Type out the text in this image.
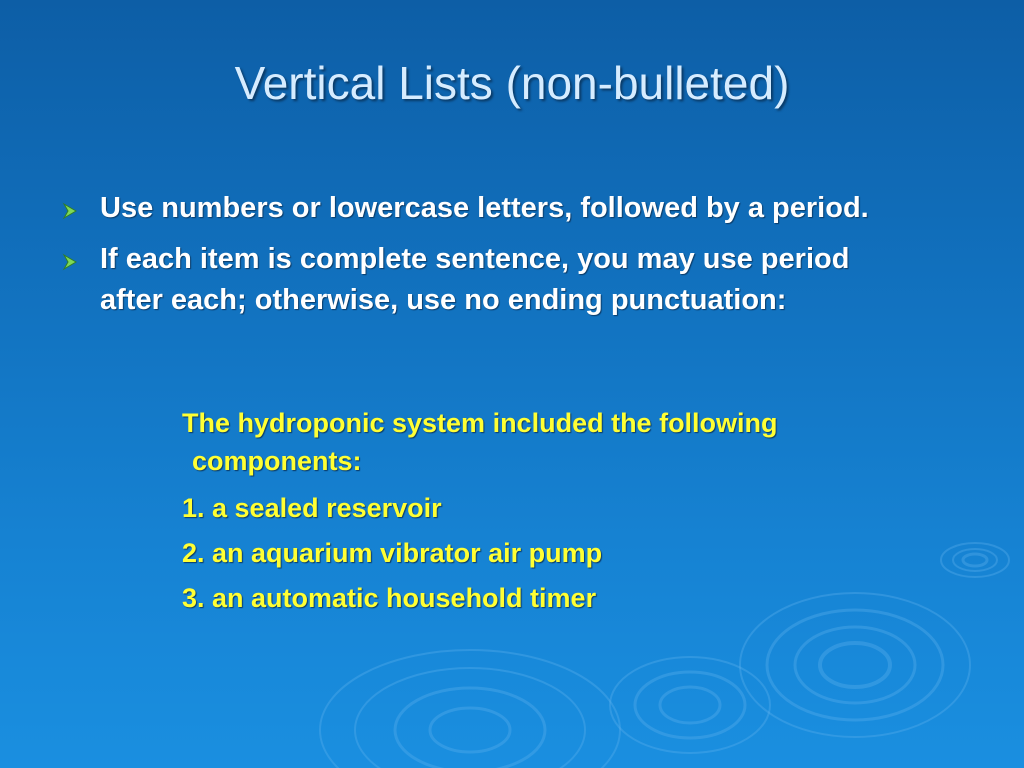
Vertical Lists (non-bulleted)
Use numbers or lowercase letters, followed by a period.
If each item is complete sentence, you may use period after each; otherwise, use no ending punctuation:
The hydroponic system included the following
components:
1. a sealed reservoir
2. an aquarium vibrator air pump
3. an automatic household timer
